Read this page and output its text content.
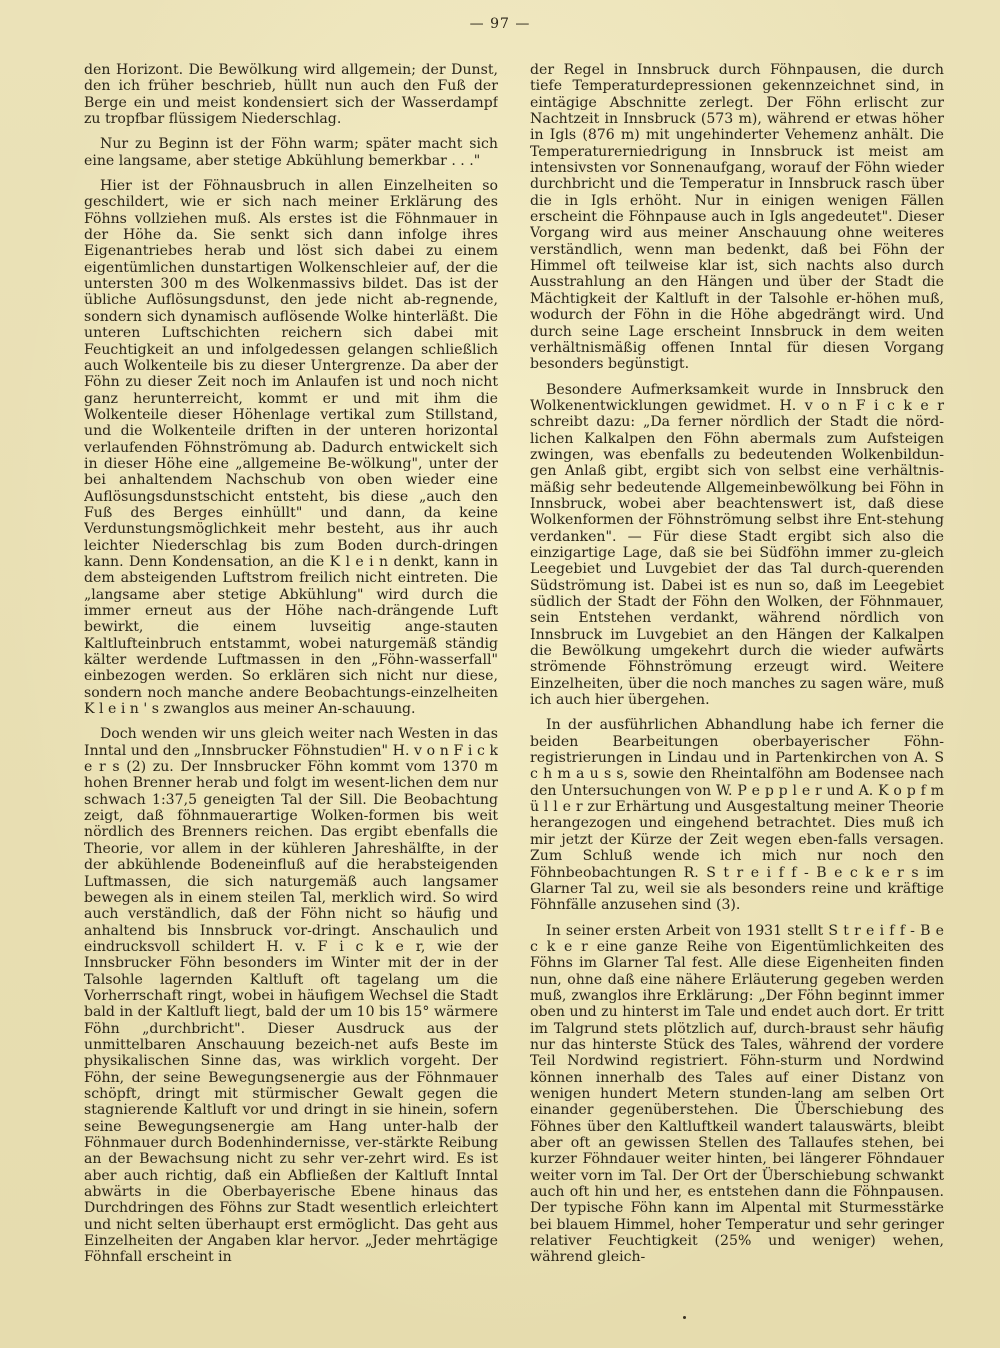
— 97 —

den Horizont. Die Bewölkung wird allgemein; der Dunst, den ich früher beschrieb, hüllt nun auch den Fuß der Berge ein und meist kondensiert sich der Wasserdampf zu tropfbar flüssigem Niederschlag.

Nur zu Beginn ist der Föhn warm; später macht sich eine langsame, aber stetige Abkühlung bemerkbar . . ."

Hier ist der Föhnausbruch in allen Einzelheiten so geschildert, wie er sich nach meiner Erklärung des Föhns vollziehen muß. Als erstes ist die Föhnmauer in der Höhe da. Sie senkt sich dann infolge ihres Eigenantriebes herab und löst sich dabei zu einem eigentümlichen dunstartigen Wolkenschleier auf, der die untersten 300 m des Wolkenmassivs bildet. Das ist der übliche Auflösungsdunst, den jede nicht ab-regnende, sondern sich dynamisch auflösende Wolke hinterläßt. Die unteren Luftschichten reichern sich dabei mit Feuchtigkeit an und infolgedessen gelangen schließlich auch Wolkenteile bis zu dieser Untergrenze. Da aber der Föhn zu dieser Zeit noch im Anlaufen ist und noch nicht ganz herunterreicht, kommt er und mit ihm die Wolkenteile dieser Höhenlage vertikal zum Stillstand, und die Wolkenteile driften in der unteren horizontal verlaufenden Föhnströmung ab. Dadurch entwickelt sich in dieser Höhe eine „allgemeine Be-wölkung", unter der bei anhaltendem Nachschub von oben wieder eine Auflösungsdunstschicht entsteht, bis diese „auch den Fuß des Berges einhüllt" und dann, da keine Verdunstungsmöglichkeit mehr besteht, aus ihr auch leichter Niederschlag bis zum Boden durch-dringen kann. Denn Kondensation, an die K l e i n denkt, kann in dem absteigenden Luftstrom freilich nicht eintreten. Die „langsame aber stetige Abkühlung" wird durch die immer erneut aus der Höhe nach-drängende Luft bewirkt, die einem luvseitig ange-stauten Kaltlufteinbruch entstammt, wobei naturgemäß ständig kälter werdende Luftmassen in den „Föhn-wasserfall" einbezogen werden. So erklären sich nicht nur diese, sondern noch manche andere Beobachtungs-einzelheiten K l e i n ' s zwanglos aus meiner An-schauung.

Doch wenden wir uns gleich weiter nach Westen in das Inntal und den „Innsbrucker Föhnstudien" H. v o n F i c k e r s (2) zu. Der Innsbrucker Föhn kommt vom 1370 m hohen Brenner herab und folgt im wesent-lichen dem nur schwach 1:37,5 geneigten Tal der Sill. Die Beobachtung zeigt, daß föhnmauerartige Wolken-formen bis weit nördlich des Brenners reichen. Das ergibt ebenfalls die Theorie, vor allem in der kühleren Jahreshälfte, in der der abkühlende Bodeneinfluß auf die herabsteigenden Luftmassen, die sich naturgemäß auch langsamer bewegen als in einem steilen Tal, merklich wird. So wird auch verständlich, daß der Föhn nicht so häufig und anhaltend bis Innsbruck vor-dringt. Anschaulich und eindrucksvoll schildert H. v. F i c k e r, wie der Innsbrucker Föhn besonders im Winter mit der in der Talsohle lagernden Kaltluft oft tagelang um die Vorherrschaft ringt, wobei in häufigem Wechsel die Stadt bald in der Kaltluft liegt, bald der um 10 bis 15° wärmere Föhn „durchbricht". Dieser Ausdruck aus der unmittelbaren Anschauung bezeich-net aufs Beste im physikalischen Sinne das, was wirklich vorgeht. Der Föhn, der seine Bewegungsenergie aus der Föhnmauer schöpft, dringt mit stürmischer Gewalt gegen die stagnierende Kaltluft vor und dringt in sie hinein, sofern seine Bewegungsenergie am Hang unter-halb der Föhnmauer durch Bodenhindernisse, ver-stärkte Reibung an der Bewachsung nicht zu sehr ver-zehrt wird. Es ist aber auch richtig, daß ein Abfließen der Kaltluft Inntal abwärts in die Oberbayerische Ebene hinaus das Durchdringen des Föhns zur Stadt wesentlich erleichtert und nicht selten überhaupt erst ermöglicht. Das geht aus Einzelheiten der Angaben klar hervor. „Jeder mehrtägige Föhnfall erscheint in

der Regel in Innsbruck durch Föhnpausen, die durch tiefe Temperaturdepressionen gekennzeichnet sind, in eintägige Abschnitte zerlegt. Der Föhn erlischt zur Nachtzeit in Innsbruck (573 m), während er etwas höher in Igls (876 m) mit ungehinderter Vehemenz anhält. Die Temperaturerniedrigung in Innsbruck ist meist am intensivsten vor Sonnenaufgang, worauf der Föhn wieder durchbricht und die Temperatur in Innsbruck rasch über die in Igls erhöht. Nur in einigen wenigen Fällen erscheint die Föhnpause auch in Igls angedeutet". Dieser Vorgang wird aus meiner Anschauung ohne weiteres verständlich, wenn man bedenkt, daß bei Föhn der Himmel oft teilweise klar ist, sich nachts also durch Ausstrahlung an den Hängen und über der Stadt die Mächtigkeit der Kaltluft in der Talsohle er-höhen muß, wodurch der Föhn in die Höhe abgedrängt wird. Und durch seine Lage erscheint Innsbruck in dem weiten verhältnismäßig offenen Inntal für diesen Vorgang besonders begünstigt.

Besondere Aufmerksamkeit wurde in Innsbruck den Wolkenentwicklungen gewidmet. H. v o n F i c k e r schreibt dazu: „Da ferner nördlich der Stadt die nörd-lichen Kalkalpen den Föhn abermals zum Aufsteigen zwingen, was ebenfalls zu bedeutenden Wolkenbildun-gen Anlaß gibt, ergibt sich von selbst eine verhältnis-mäßig sehr bedeutende Allgemeinbewölkung bei Föhn in Innsbruck, wobei aber beachtenswert ist, daß diese Wolkenformen der Föhnströmung selbst ihre Ent-stehung verdanken". — Für diese Stadt ergibt sich also die einzigartige Lage, daß sie bei Südföhn immer zu-gleich Leegebiet und Luvgebiet der das Tal durch-querenden Südströmung ist. Dabei ist es nun so, daß im Leegebiet südlich der Stadt der Föhn den Wolken, der Föhnmauer, sein Entstehen verdankt, während nördlich von Innsbruck im Luvgebiet an den Hängen der Kalkalpen die Bewölkung umgekehrt durch die wieder aufwärts strömende Föhnströmung erzeugt wird. Weitere Einzelheiten, über die noch manches zu sagen wäre, muß ich auch hier übergehen.

In der ausführlichen Abhandlung habe ich ferner die beiden Bearbeitungen oberbayerischer Föhn-registrierungen in Lindau und in Partenkirchen von A. S c h m a u s s, sowie den Rheintalföhn am Bodensee nach den Untersuchungen von W. P e p p l e r und A. K o p f m ü l l e r zur Erhärtung und Ausgestaltung meiner Theorie herangezogen und eingehend betrachtet. Dies muß ich mir jetzt der Kürze der Zeit wegen eben-falls versagen. Zum Schluß wende ich mich nur noch den Föhnbeobachtungen R. S t r e i f f - B e c k e r s im Glarner Tal zu, weil sie als besonders reine und kräftige Föhnfälle anzusehen sind (3).

In seiner ersten Arbeit von 1931 stellt S t r e i f f - B e c k e r eine ganze Reihe von Eigentümlichkeiten des Föhns im Glarner Tal fest. Alle diese Eigenheiten finden nun, ohne daß eine nähere Erläuterung gegeben werden muß, zwanglos ihre Erklärung: „Der Föhn beginnt immer oben und zu hinterst im Tale und endet auch dort. Er tritt im Talgrund stets plötzlich auf, durch-braust sehr häufig nur das hinterste Stück des Tales, während der vordere Teil Nordwind registriert. Föhn-sturm und Nordwind können innerhalb des Tales auf einer Distanz von wenigen hundert Metern stunden-lang am selben Ort einander gegenüberstehen. Die Überschiebung des Föhnes über den Kaltluftkeil wandert talauswärts, bleibt aber oft an gewissen Stellen des Tallaufes stehen, bei kurzer Föhndauer weiter hinten, bei längerer Föhndauer weiter vorn im Tal. Der Ort der Überschiebung schwankt auch oft hin und her, es entstehen dann die Föhnpausen. Der typische Föhn kann im Alpental mit Sturmesstärke bei blauem Himmel, hoher Temperatur und sehr geringer relativer Feuchtigkeit (25% und weniger) wehen, während gleich-
